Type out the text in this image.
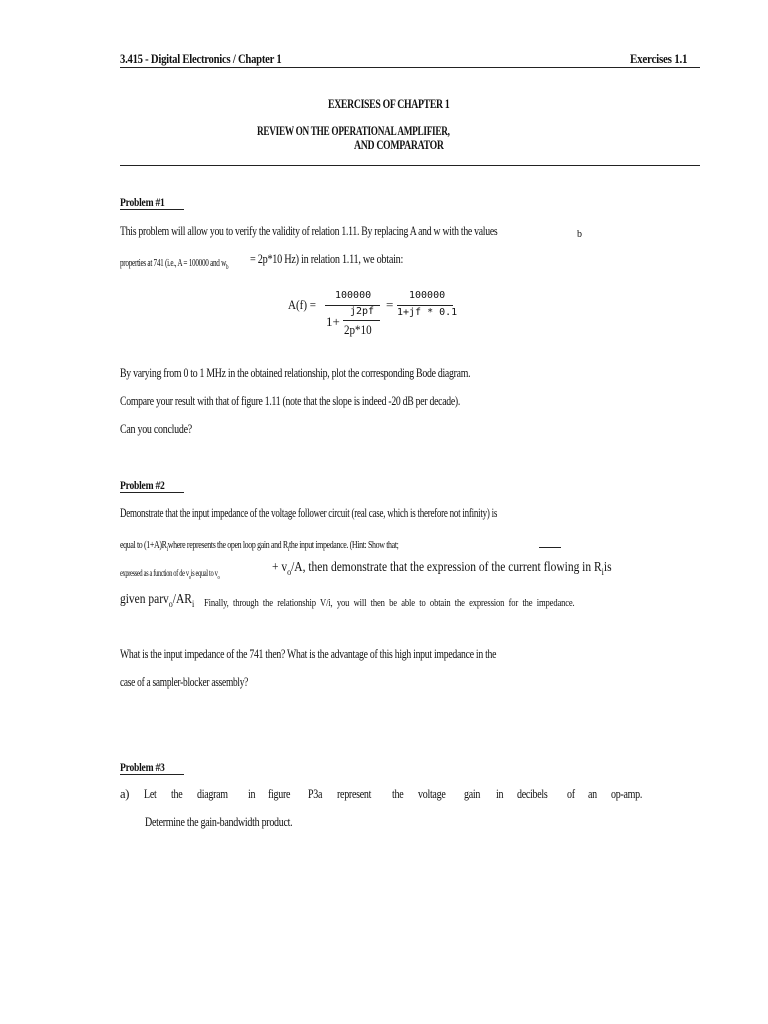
3.415 - Digital Electronics / Chapter 1	Exercises 1.1
EXERCISES OF CHAPTER 1
REVIEW ON THE OPERATIONAL AMPLIFIER,
AND COMPARATOR
Problem #1
This problem will allow you to verify the validity of relation 1.11. By replacing A and w with the values	b
properties at 741 (i.e., A = 100000 and $w_b$
= 2p*10 Hz) in relation 1.11, we obtain:
A(f) =
100000
1+
j2pf
2p*10
=
100000
1+jf * 0.1
By varying from 0 to 1 MHz in the obtained relationship, plot the corresponding Bode diagram.
Compare your result with that of figure 1.11 (note that the slope is indeed -20 dB per decade).
Can you conclude?
Problem #2
Demonstrate that the input impedance of the voltage follower circuit (real case, which is therefore not infinity) is
equal to $(1+A)R_iwhere$ represents the open loop gain and $R_ithe$ input impedance. (Hint: Show that;
expressed as a function of de $v_ois$ equal to $v_o$
+ $v_o/A$, then demonstrate that the expression of the current flowing in $R_iis$
given $parv_o/AR_i$ Finally, through the relationship V/i, you will then be able to obtain the expression for the impedance.
What is the input impedance of the 741 then? What is the advantage of this high input impedance in the
case of a sampler-blocker assembly?
Problem #3
a) Let the diagram in figure P3a represent the voltage gain in decibels of an op-amp.
Determine the gain-bandwidth product.
